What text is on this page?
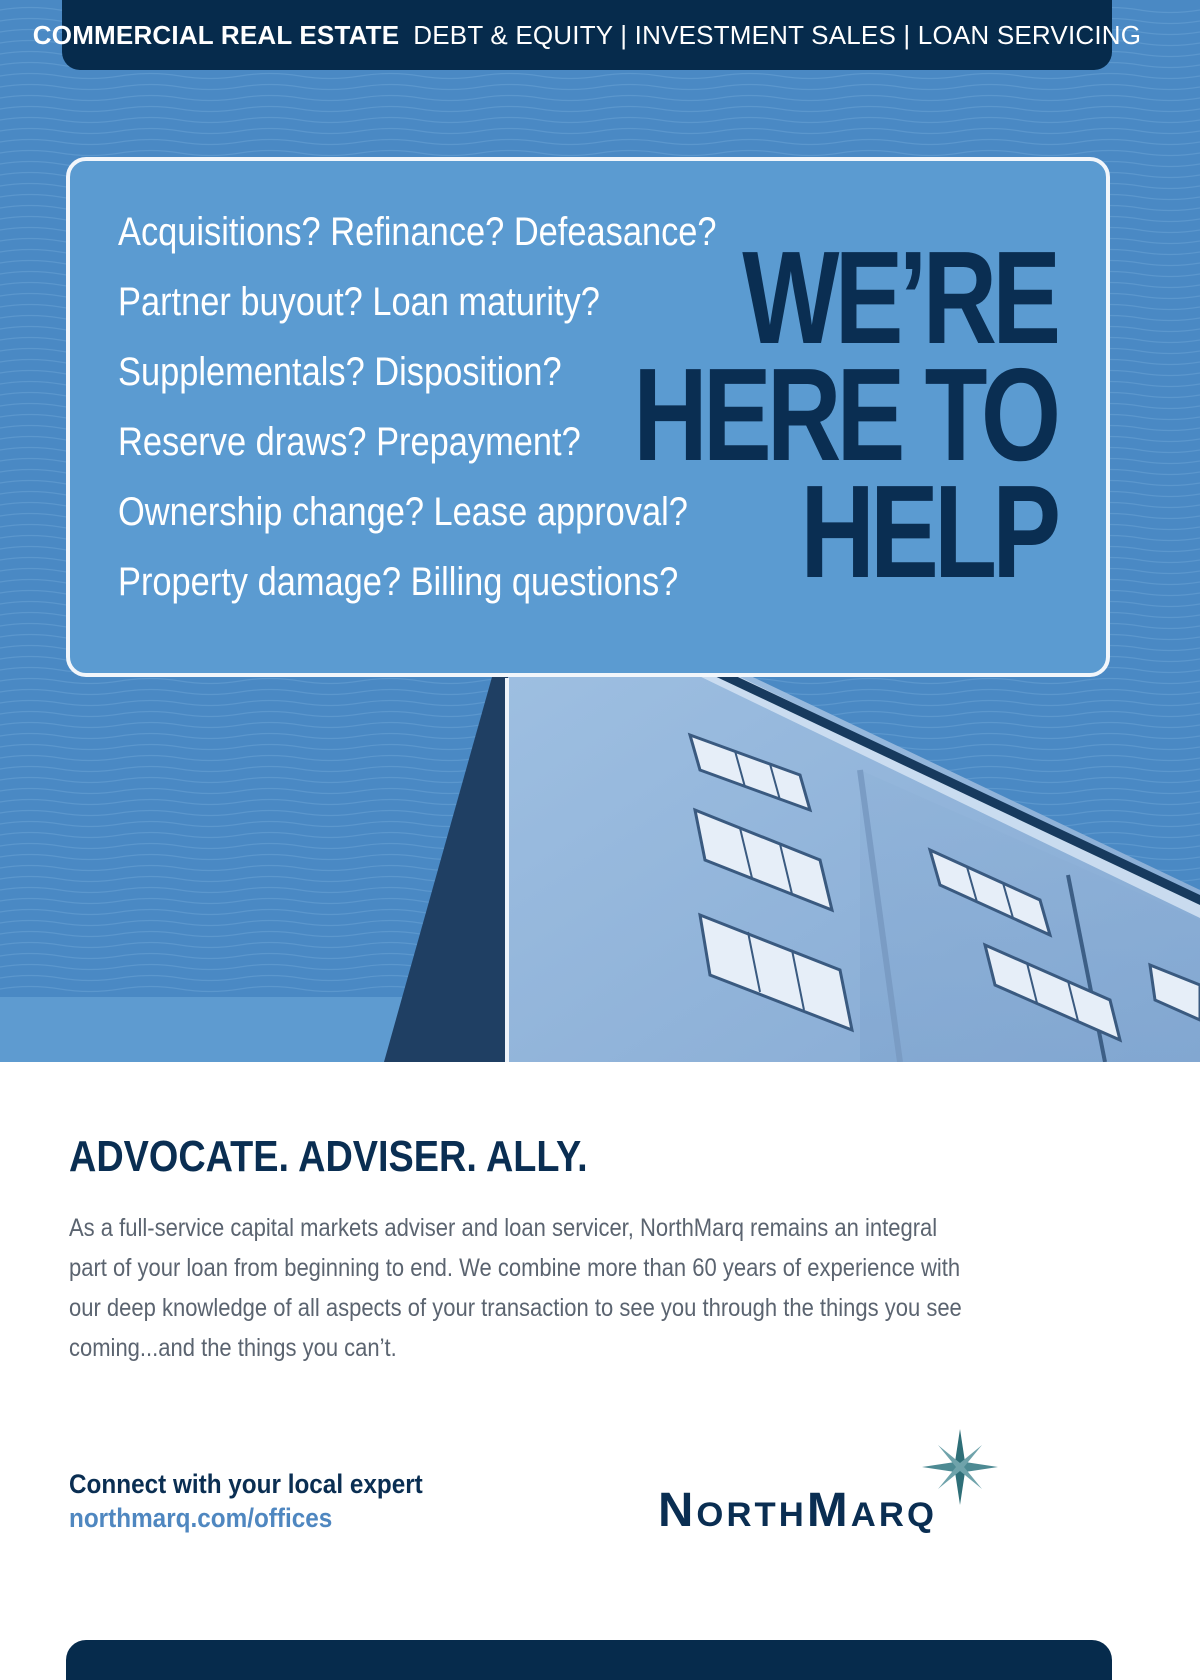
COMMERCIAL REAL ESTATE DEBT & EQUITY | INVESTMENT SALES | LOAN SERVICING
Acquisitions? Refinance? Defeasance?
Partner buyout? Loan maturity?
Supplementals? Disposition?
Reserve draws? Prepayment?
Ownership change? Lease approval?
Property damage? Billing questions?
WE’RE
HERE TO
HELP
ADVOCATE. ADVISER. ALLY.

As a full-service capital markets adviser and loan servicer, NorthMarq remains an integral part of your loan from beginning to end. We combine more than 60 years of experience with our deep knowledge of all aspects of your transaction to see you through the things you see coming...and the things you can’t.

Connect with your local expert
northmarq.com/offices	NorthMarq
